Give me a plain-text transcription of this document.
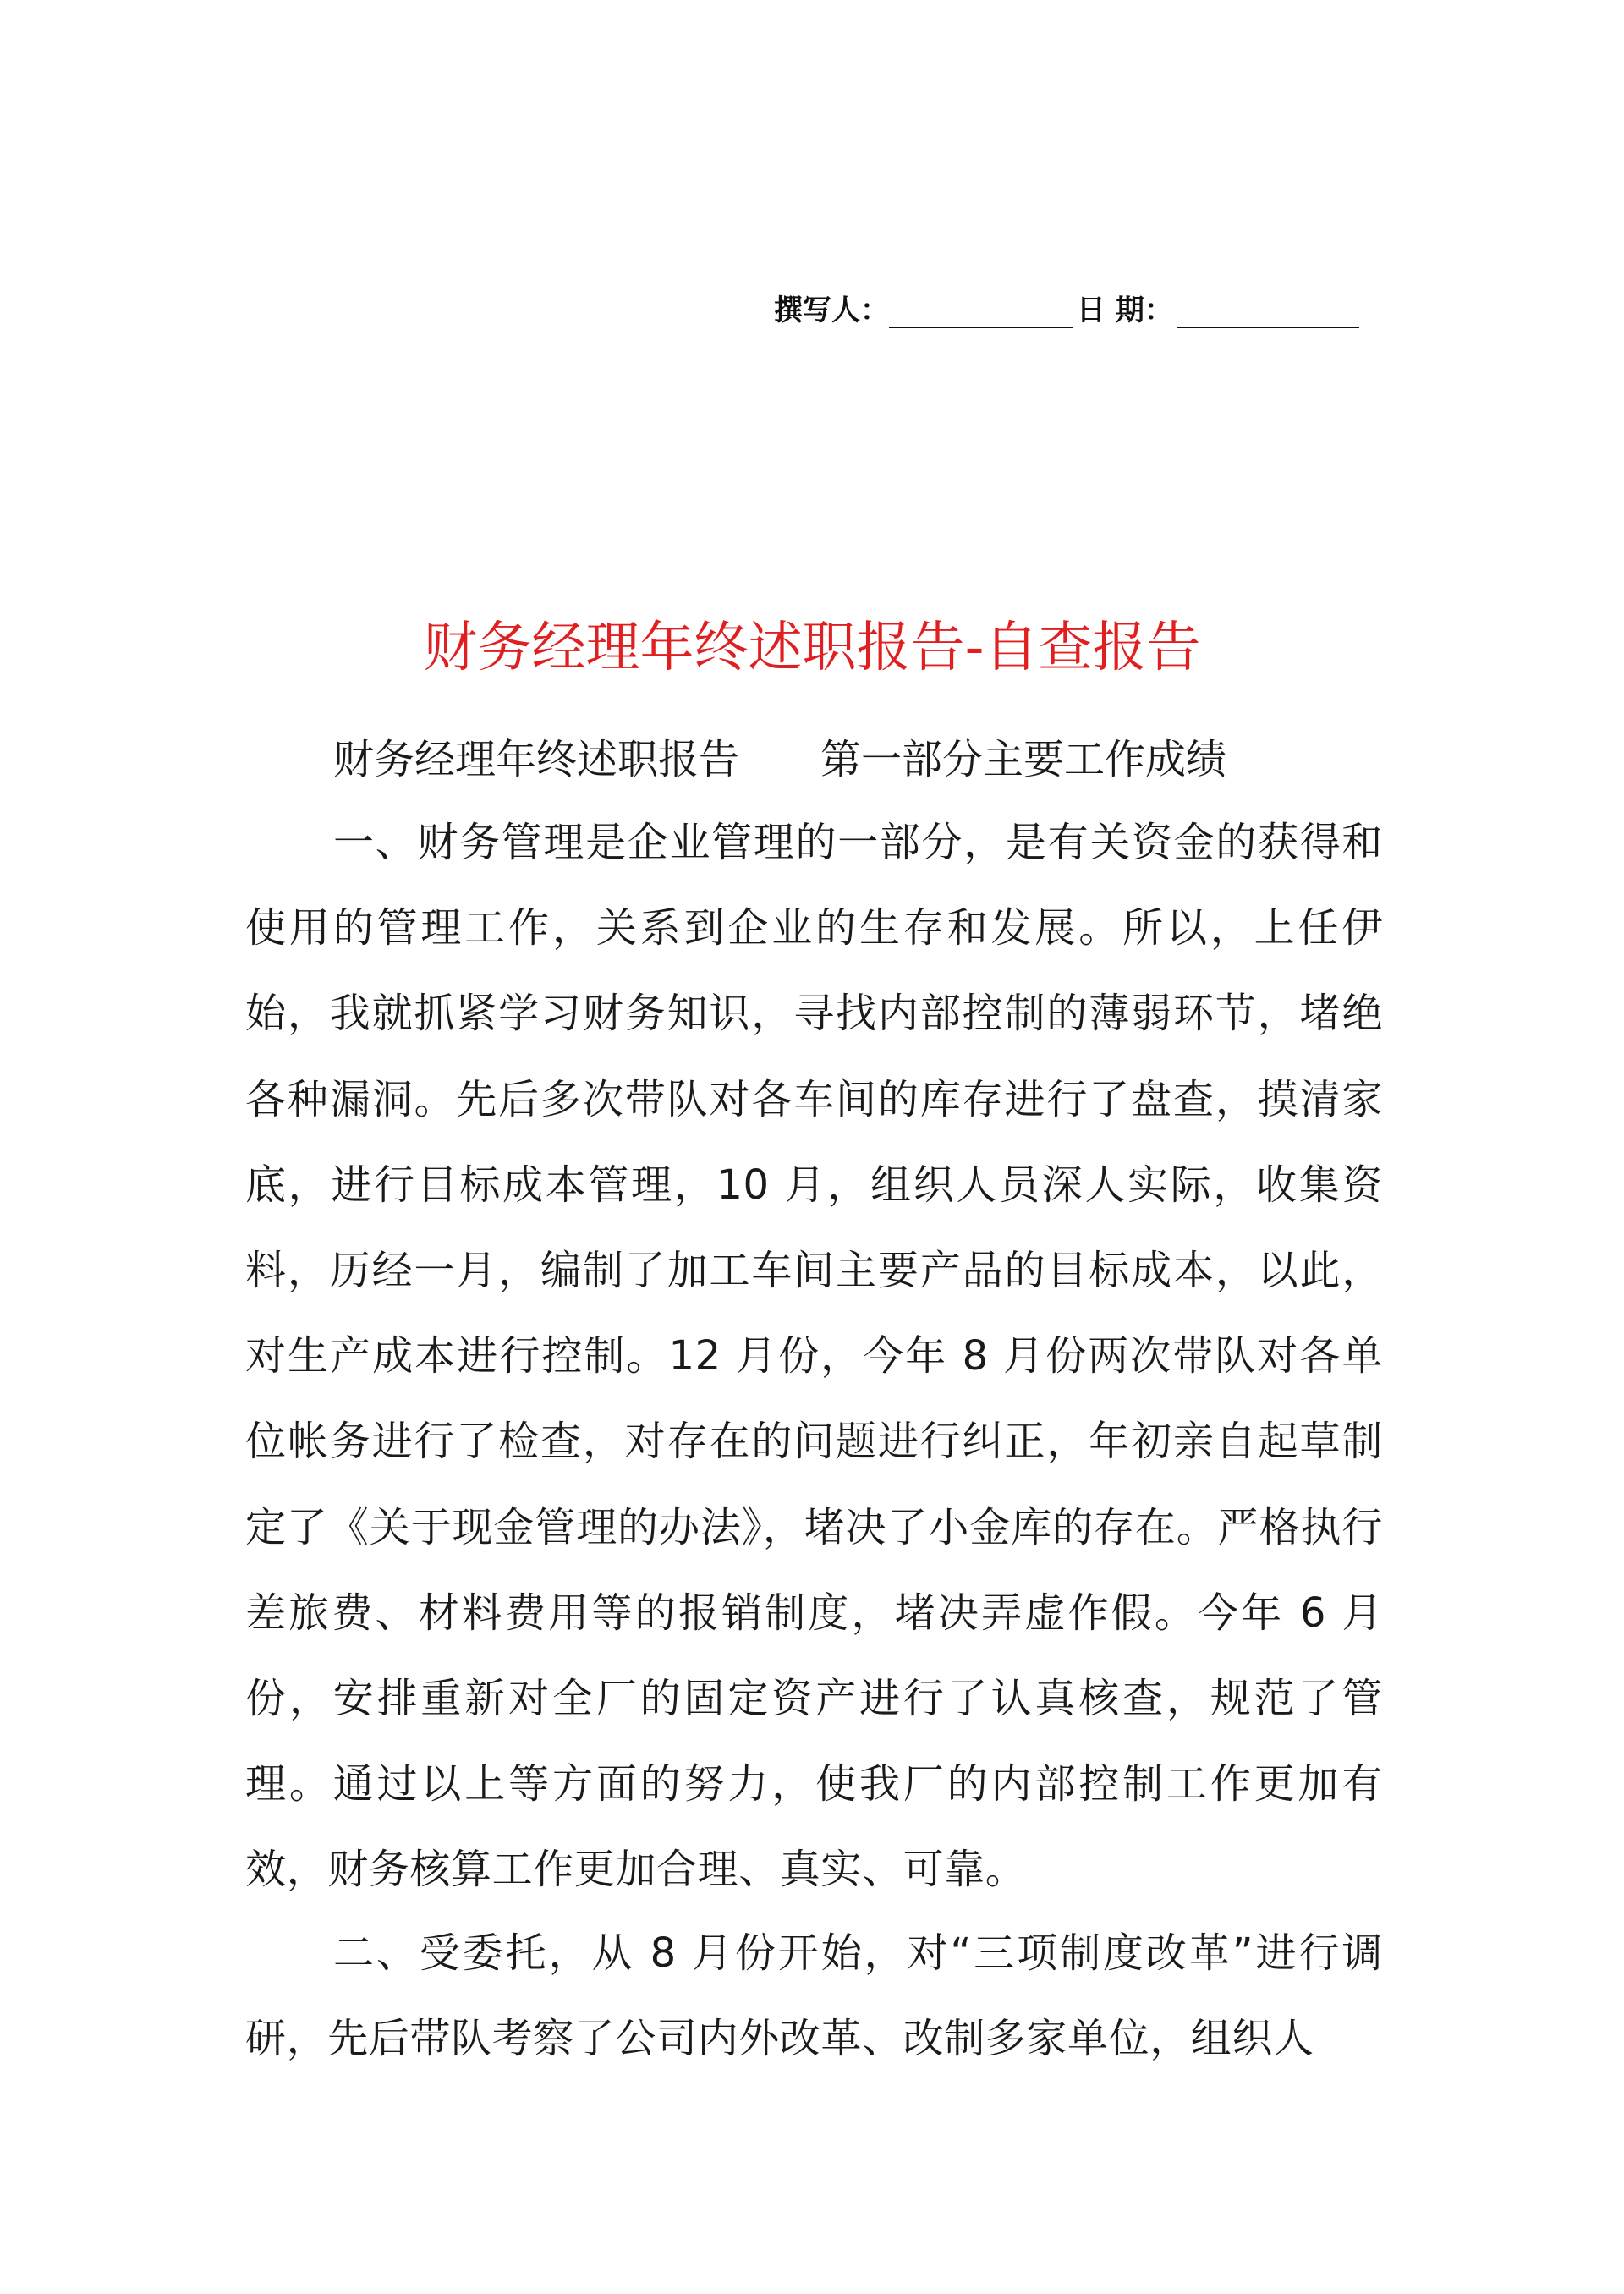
撰写人：	日 期：
财务经理年终述职报告-自查报告
财务经理年终述职报告　　第一部分主要工作成绩
一、财务管理是企业管理的一部分，是有关资金的获得和使用的管理工作，关系到企业的生存和发展。所以，上任伊始，我就抓紧学习财务知识，寻找内部控制的薄弱环节，堵绝各种漏洞。先后多次带队对各车间的库存进行了盘查，摸清家底，进行目标成本管理，10 月，组织人员深人实际，收集资料，历经一月，编制了加工车间主要产品的目标成本，以此，对生产成本进行控制。12 月份，今年 8 月份两次带队对各单位帐务进行了检查，对存在的问题进行纠正，年初亲自起草制定了《关于现金管理的办法》，堵决了小金库的存在。严格执行差旅费、材料费用等的报销制度，堵决弄虚作假。今年 6 月份，安排重新对全厂的固定资产进行了认真核查，规范了管理。通过以上等方面的努力，使我厂的内部控制工作更加有效，财务核算工作更加合理、真实、可靠。
二、受委托，从 8 月份开始，对“三项制度改革”进行调研，先后带队考察了公司内外改革、改制多家单位，组织人
